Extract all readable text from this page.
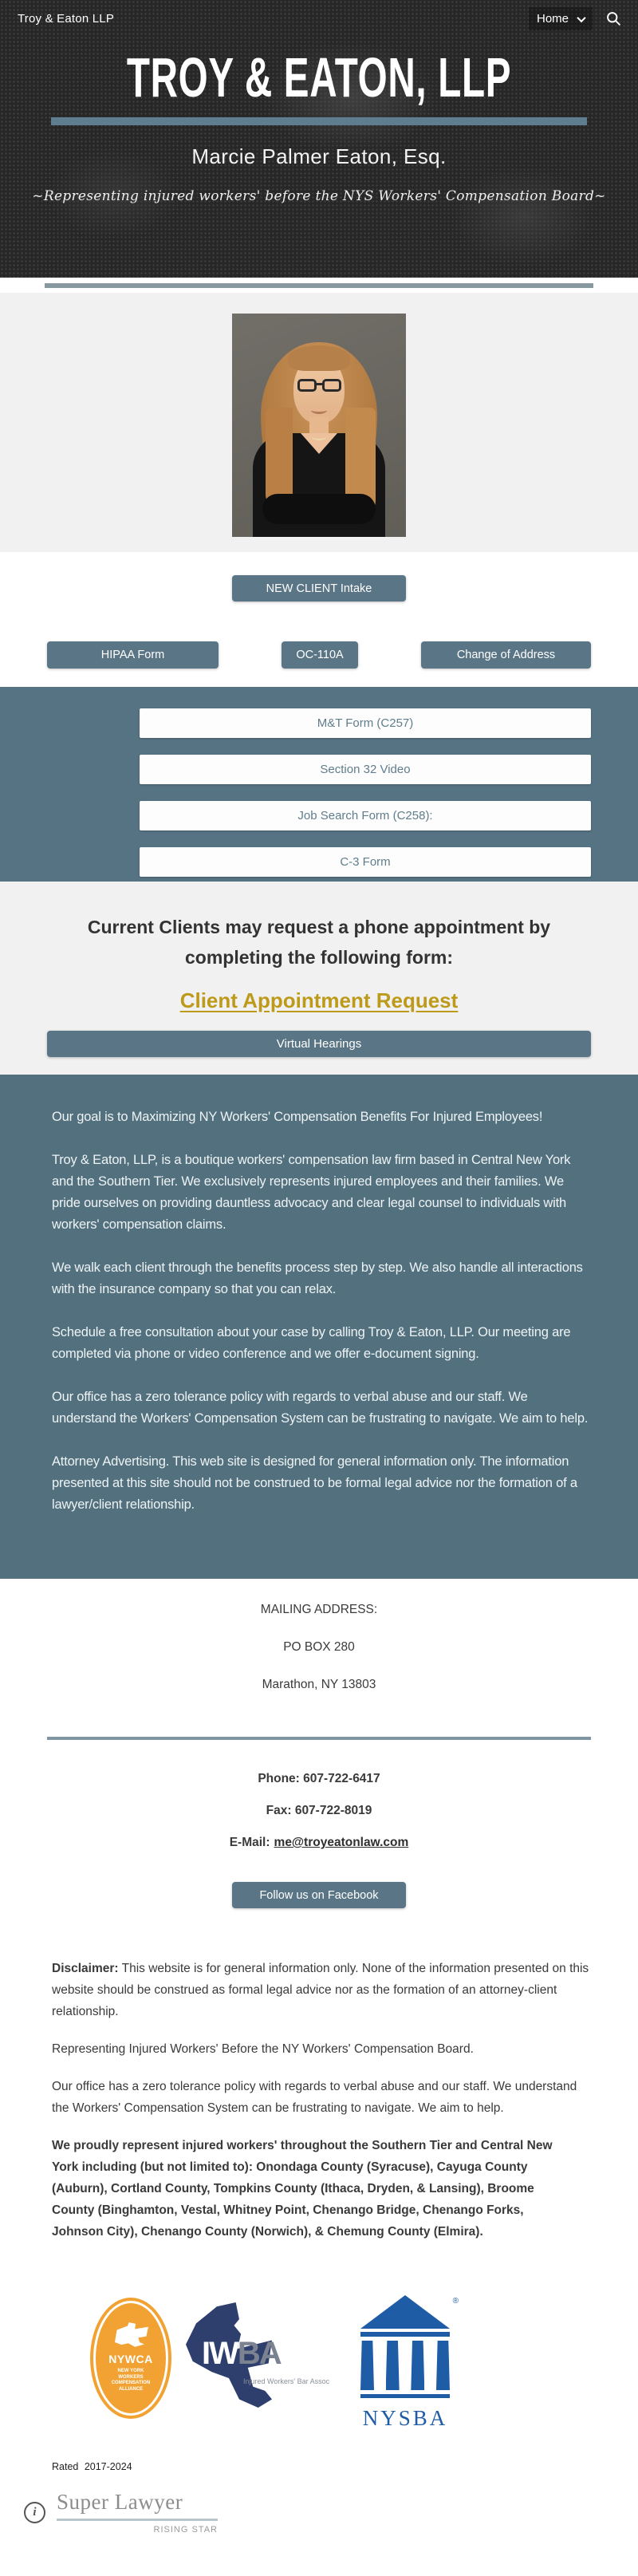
Troy & Eaton LLP	Home
TROY & EATON, LLP
Marcie Palmer Eaton, Esq.
~Representing injured workers' before the NYS Workers' Compensation Board~
NEW CLIENT Intake
HIPAA Form	OC-110A	Change of Address
M&T Form (C257)
Section 32 Video
Job Search Form (C258):
C-3 Form
Current Clients may request a phone appointment by completing the following form:
Client Appointment Request
Virtual Hearings

Our goal is to Maximizing NY Workers' Compensation Benefits For Injured Employees!

Troy & Eaton, LLP, is a boutique workers' compensation law firm based in Central New York and the Southern Tier. We exclusively represents injured employees and their families. We pride ourselves on providing dauntless advocacy and clear legal counsel to individuals with workers' compensation claims.

We walk each client through the benefits process step by step. We also handle all interactions with the insurance company so that you can relax.

Schedule a free consultation about your case by calling Troy & Eaton, LLP. Our meeting are completed via phone or video conference and we offer e-document signing.

Our office has a zero tolerance policy with regards to verbal abuse and our staff. We understand the Workers' Compensation System can be frustrating to navigate. We aim to help.

Attorney Advertising. This web site is designed for general information only. The information presented at this site should not be construed to be formal legal advice nor the formation of a lawyer/client relationship.

MAILING ADDRESS:
PO BOX 280
Marathon, NY 13803
Phone: 607-722-6417
Fax: 607-722-8019
E-Mail: me@troyeatonlaw.com
Follow us on Facebook

Disclaimer: This website is for general information only. None of the information presented on this website should be construed as formal legal advice nor as the formation of an attorney-client relationship.

Representing Injured Workers' Before the NY Workers' Compensation Board.

Our office has a zero tolerance policy with regards to verbal abuse and our staff. We understand the Workers' Compensation System can be frustrating to navigate. We aim to help.

We proudly represent injured workers' throughout the Southern Tier and Central New York including (but not limited to): Onondaga County (Syracuse), Cayuga County (Auburn), Cortland County, Tompkins County (Ithaca, Dryden, & Lansing), Broome County (Binghamton, Vestal, Whitney Point, Chenango Bridge, Chenango Forks, Johnson City), Chenango County (Norwich), & Chemung County (Elmira).

NYWCA
NEW YORK WORKERS COMPENSATION ALLIANCE
IWBA
Injured Workers' Bar Assoc
®
NYSBA
Rated 2017-2024
i
Super Lawyer
RISING STAR
